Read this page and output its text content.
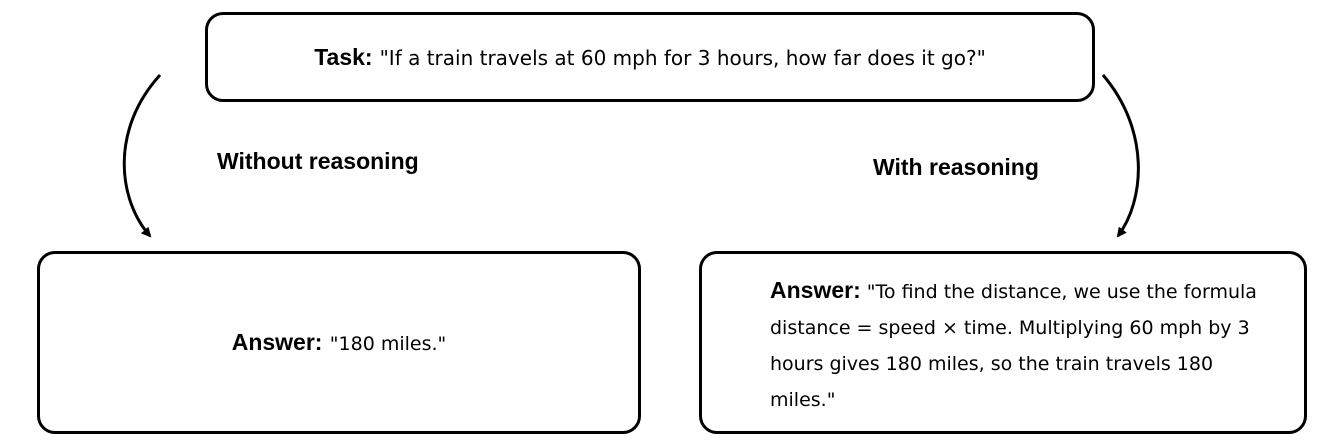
Task: "If a train travels at 60 mph for 3 hours, how far does it go?"
Without reasoning	With reasoning
Answer: "180 miles."
Answer: "To find the distance, we use the formula distance = speed × time. Multiplying 60 mph by 3 hours gives 180 miles, so the train travels 180 miles."
